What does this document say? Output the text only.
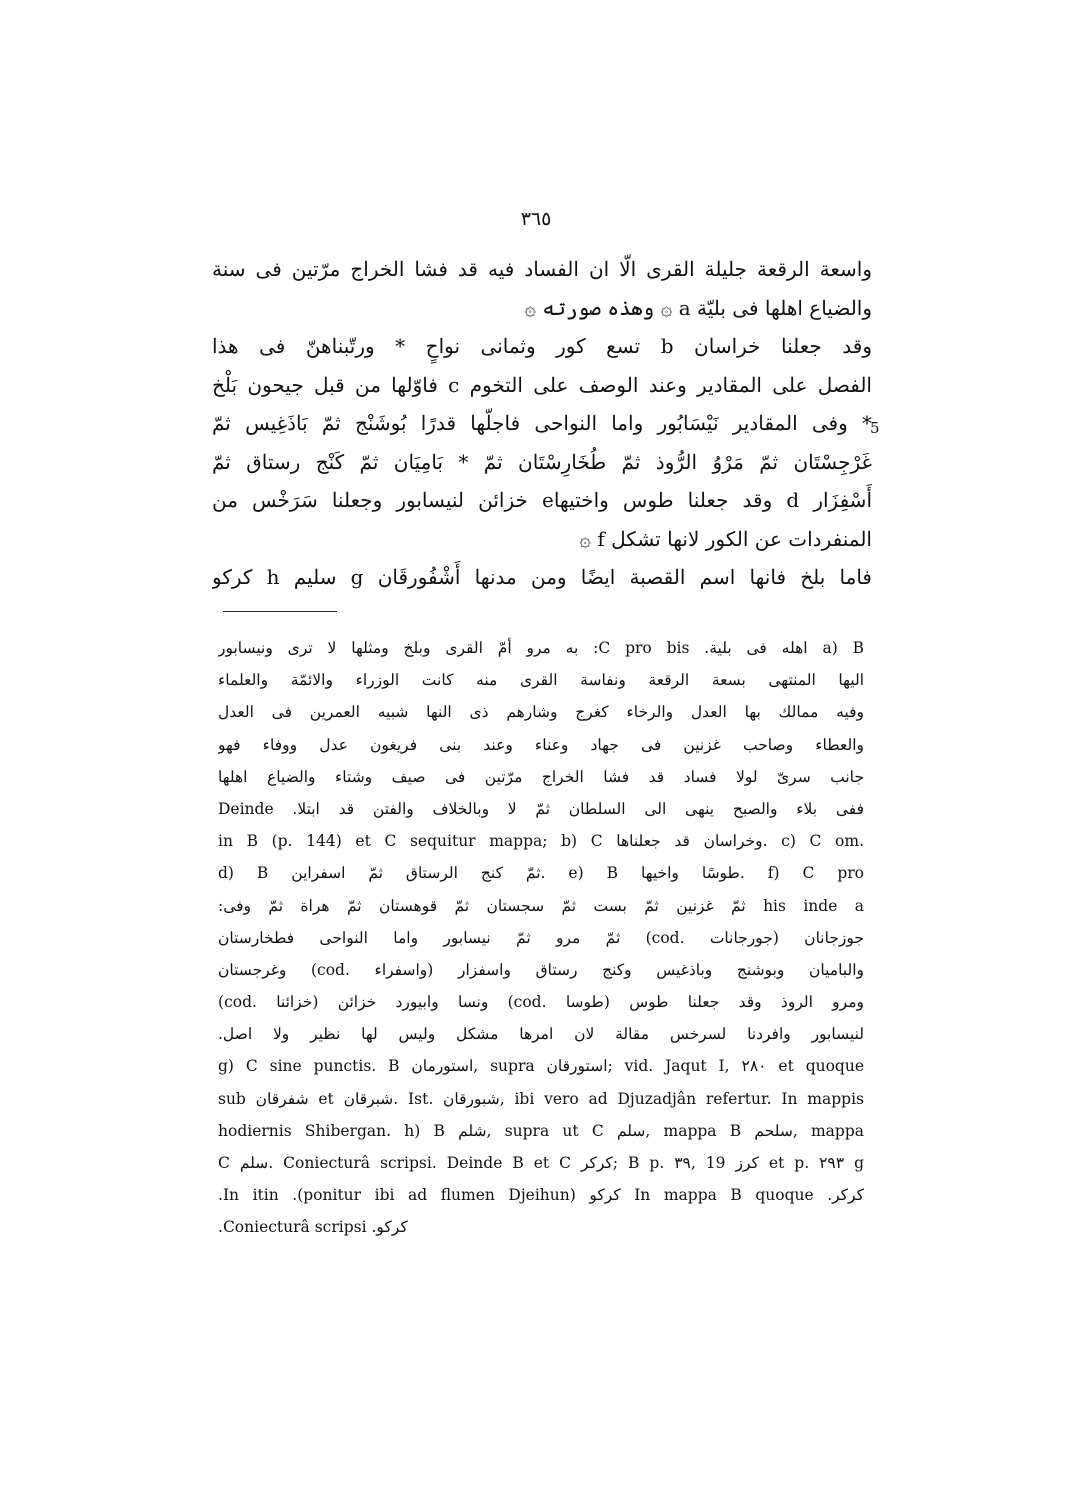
٣٦٥
واسعة الرقعة جليلة القرى الّا ان الفساد فيه قد فشا الخراج مرّتين فى سنة
والضياع اهلها فى بليّة a ۞ وهذه صورته ۞
وقد جعلنا خراسان b تسع كور وثمانى نواحٍ * ورتّبناهنّ فى هذا
الفصل على المقادير وعند الوصف على التخوم c فاوّلها من قبل جيحون بَلْخ
* وفى المقادير نَيْسَابُور واما النواحى فاجلّها قدرًا بُوشَنْج ثمّ بَاذَغِيس ثمّ
غَرْجِسْتَان ثمّ مَرْوُ الرُّوذ ثمّ طُخَارِسْتَان ثمّ * بَامِيَان ثمّ كَنْج رستاق ثمّ
أَسْفِزَار d وقد جعلنا طوس واختيهاe خزائن لنيسابور وجعلنا سَرَخْس من
المنفردات عن الكور لانها تشكل f ۞
فاما بلخ فانها اسم القصبة ايضًا ومن مدنها أَشْفُورقَان g سليم h كركو
5
a) B اهله فى بلية. C pro bis: به مرو أمّ القرى وبلخ ومثلها لا ترى ونيسابور
اليها المنتهى بسعة الرقعة ونفاسة القرى منه كانت الوزراء والائمّة والعلماء
وفيه ممالك بها العدل والرخاء كغرج وشارهم ذى النها شبيه العمرين فى العدل
والعطاء وصاحب غزنين فى جهاد وعناء وعند بنى فريغون عدل ووفاء فهو
جانب سرىّ لولا فساد قد فشا الخراج مرّتين فى صيف وشتاء والضياع اهلها
ففى بلاء والصبح ينهى الى السلطان ثمّ لا وبالخلاف والفتن قد ابتلا. Deinde
in B (p. 144) et C sequitur mappa; b) C وخراسان قد جعلناها. c) C om.
d) B ثمّ كنج الرستاق ثمّ اسفراين. e) B طوسًا واخيها. f) C pro
his inde a ثمّ غزنين ثمّ بست ثمّ سجستان ثمّ قوهستان ثمّ هراة ثمّ وفى:
جوزجانان (جورجانات .cod) ثمّ مرو ثمّ نيسابور واما النواحى فطخارستان
والباميان وبوشنج وباذغيس وكنج رستاق واسفزار (واسفراء .cod) وغرجستان
ومرو الروذ وقد جعلنا طوس (طوسا .cod) ونسا وابيورد خزائن (خزائنا .cod)
لنيسابور وافردنا لسرخس مقالة لان امرها مشكل وليس لها نظير ولا اصل.
g) C sine punctis. B استورمان, supra استورقان; vid. Jaqut I, ٢٨٠ et quoque
sub شفرقان et شبرقان. Ist. شبورقان, ibi vero ad Djuzadjân refertur. In mappis
hodiernis Shibergan. h) B شلم, supra ut C سلم, mappa B سلحم, mappa
C سلم. Coniecturâ scripsi. Deinde B et C كركر; B p. ٣٩, 19 كرز et p. ٢٩٣ g
كركر. In mappa B quoque كركو (ponitur ibi ad flumen Djeihun). In itin.
كركو. Coniecturâ scripsi.
